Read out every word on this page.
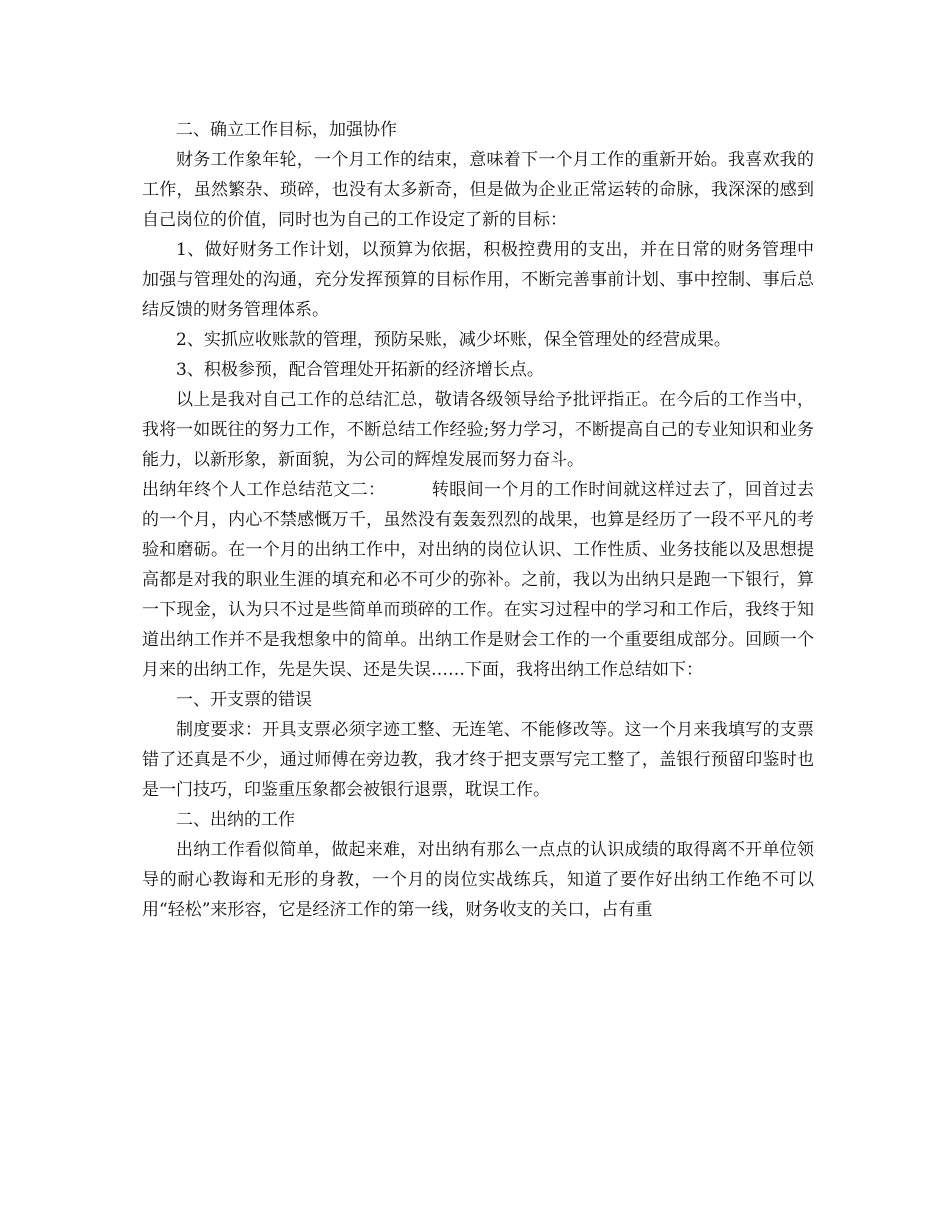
二、确立工作目标，加强协作

财务工作象年轮，一个月工作的结束，意味着下一个月工作的重新开始。我喜欢我的工作，虽然繁杂、琐碎，也没有太多新奇，但是做为企业正常运转的命脉，我深深的感到自己岗位的价值，同时也为自己的工作设定了新的目标：

1、做好财务工作计划，以预算为依据，积极控费用的支出，并在日常的财务管理中加强与管理处的沟通，充分发挥预算的目标作用，不断完善事前计划、事中控制、事后总结反馈的财务管理体系。

2、实抓应收账款的管理，预防呆账，减少坏账，保全管理处的经营成果。

3、积极参预，配合管理处开拓新的经济增长点。

以上是我对自己工作的总结汇总，敬请各级领导给予批评指正。在今后的工作当中，我将一如既往的努力工作，不断总结工作经验;努力学习，不断提高自己的专业知识和业务能力，以新形象，新面貌，为公司的辉煌发展而努力奋斗。

出纳年终个人工作总结范文二：	转眼间一个月的工作时间就这样过去了，回首过去的一个月，内心不禁感慨万千，虽然没有轰轰烈烈的战果，也算是经历了一段不平凡的考验和磨砺。在一个月的出纳工作中，对出纳的岗位认识、工作性质、业务技能以及思想提高都是对我的职业生涯的填充和必不可少的弥补。之前，我以为出纳只是跑一下银行，算一下现金，认为只不过是些简单而琐碎的工作。在实习过程中的学习和工作后，我终于知道出纳工作并不是我想象中的简单。出纳工作是财会工作的一个重要组成部分。回顾一个月来的出纳工作，先是失误、还是失误……下面，我将出纳工作总结如下：

一、开支票的错误

制度要求：开具支票必须字迹工整、无连笔、不能修改等。这一个月来我填写的支票错了还真是不少，通过师傅在旁边教，我才终于把支票写完工整了，盖银行预留印鉴时也是一门技巧，印鉴重压象都会被银行退票，耽误工作。

二、出纳的工作

出纳工作看似简单，做起来难，对出纳有那么一点点的认识成绩的取得离不开单位领导的耐心教诲和无形的身教，一个月的岗位实战练兵，知道了要作好出纳工作绝不可以用“轻松”来形容，它是经济工作的第一线，财务收支的关口，占有重
